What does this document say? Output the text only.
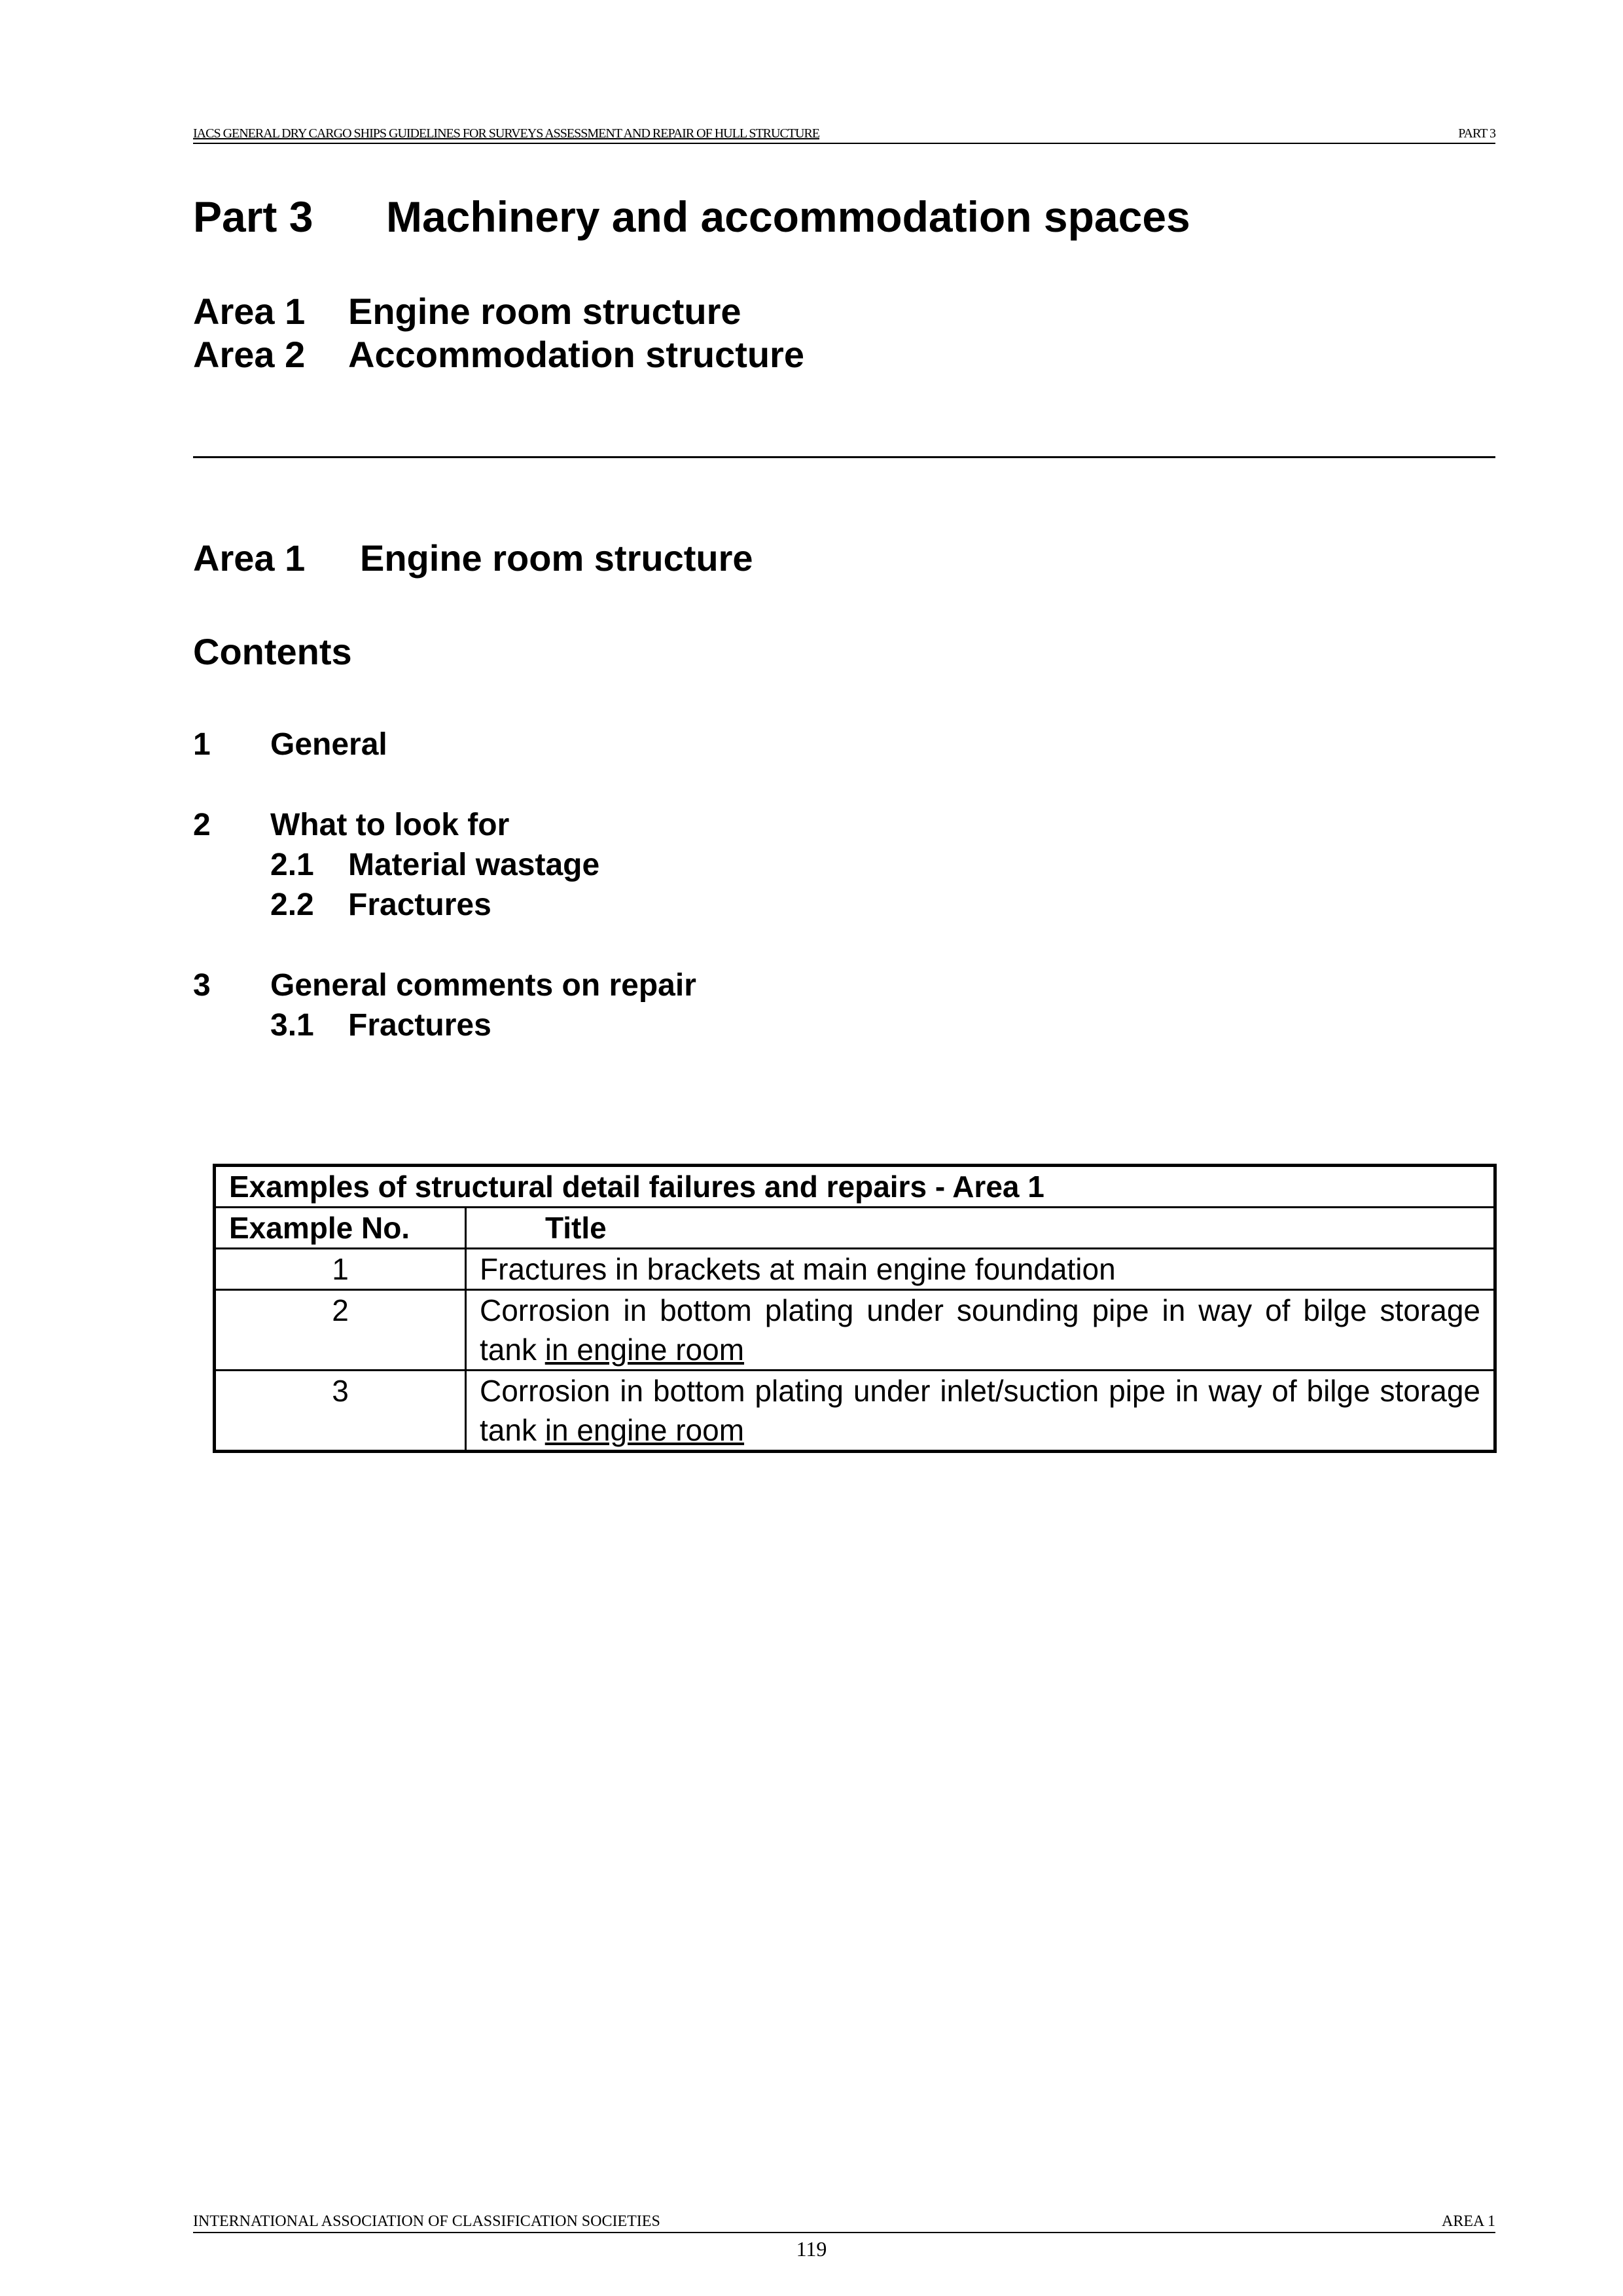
IACS GENERAL DRY CARGO SHIPS GUIDELINES FOR SURVEYS ASSESSMENT AND REPAIR OF HULL STRUCTURE	PART 3
Part 3 Machinery and accommodation spaces
Area 1 Engine room structure
Area 2 Accommodation structure
Area 1 Engine room structure
Contents
1 General
2 What to look for
2.1 Material wastage
2.2 Fractures
3 General comments on repair
3.1 Fractures
Examples of structural detail failures and repairs - Area 1	
Example No.	Title
1	Fractures in brackets at main engine foundation
2	Corrosion in bottom plating under sounding pipe in way of bilge storage tank in engine room
3	Corrosion in bottom plating under inlet/suction pipe in way of bilge storage tank in engine room
INTERNATIONAL ASSOCIATION OF CLASSIFICATION SOCIETIES	AREA 1
119
